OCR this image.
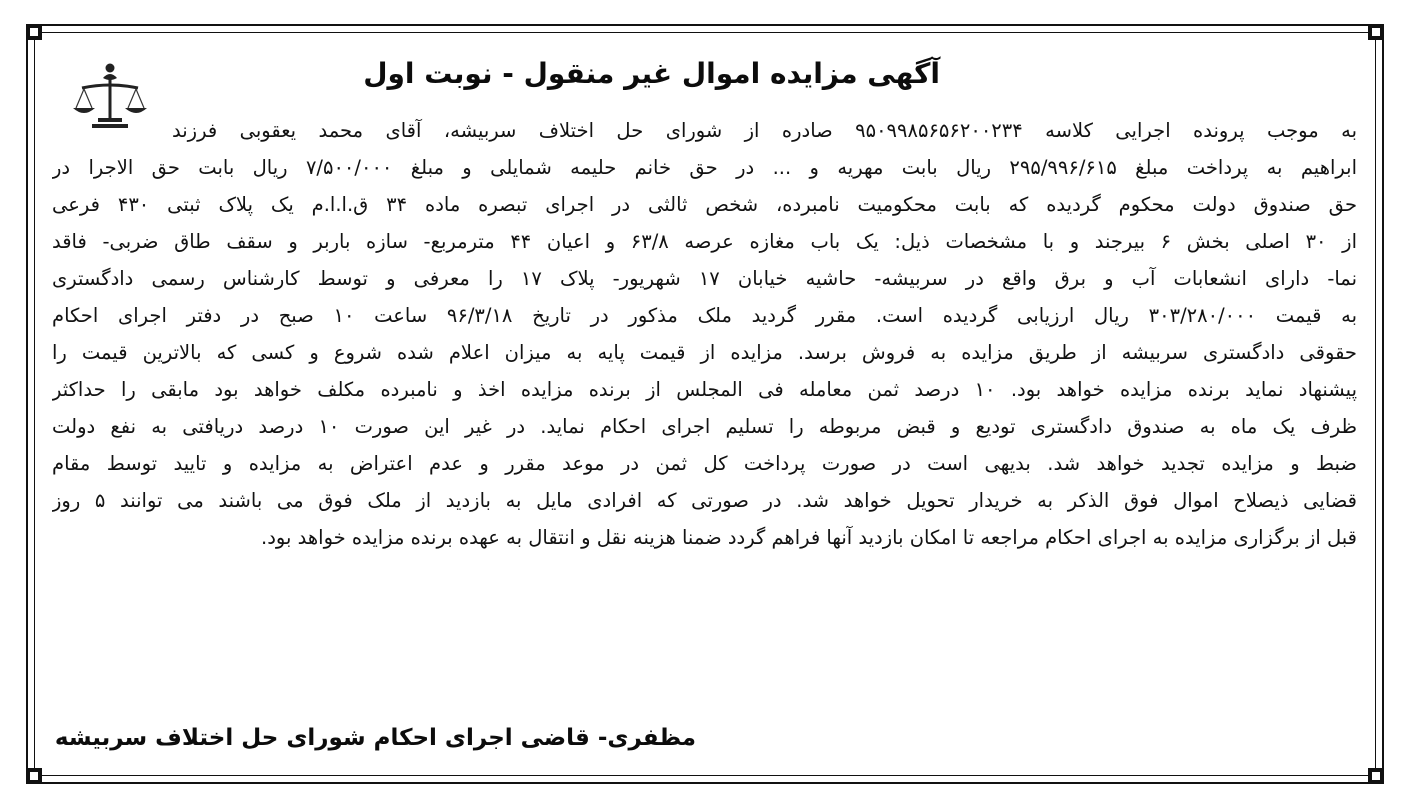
آگهی مزایده اموال غیر منقول - نوبت اول
به موجب پرونده اجرایی کلاسه ۹۵۰۹۹۸۵۶۵۶۲۰۰۲۳۴ صادره از شورای حل اختلاف سربیشه، آقای محمد یعقوبی فرزند
ابراهیم به پرداخت مبلغ ۲۹۵/۹۹۶/۶۱۵ ریال بابت مهریه و ... در حق خانم حلیمه شمایلی و مبلغ ۷/۵۰۰/۰۰۰ ریال بابت حق الاجرا در
حق صندوق دولت محکوم گردیده که بابت محکومیت نامبرده، شخص ثالثی در اجرای تبصره ماده ۳۴ ق.ا.ا.م یک پلاک ثبتی ۴۳۰ فرعی
از ۳۰ اصلی بخش ۶ بیرجند و با مشخصات ذیل: یک باب مغازه عرصه ۶۳/۸ و اعیان ۴۴ مترمربع- سازه باربر و سقف طاق ضربی- فاقد
نما- دارای انشعابات آب و برق واقع در سربیشه- حاشیه خیابان ۱۷ شهریور- پلاک ۱۷ را معرفی و توسط کارشناس رسمی دادگستری
به قیمت ۳۰۳/۲۸۰/۰۰۰ ریال ارزیابی گردیده است. مقرر گردید ملک مذکور در تاریخ ۹۶/۳/۱۸ ساعت ۱۰ صبح در دفتر اجرای احکام
حقوقی دادگستری سربیشه از طریق مزایده به فروش برسد. مزایده از قیمت پایه به میزان اعلام شده شروع و کسی که بالاترین قیمت را
پیشنهاد نماید برنده مزایده خواهد بود. ۱۰ درصد ثمن معامله فی المجلس از برنده مزایده اخذ و نامبرده مکلف خواهد بود مابقی را حداکثر
ظرف یک ماه به صندوق دادگستری تودیع و قبض مربوطه را تسلیم اجرای احکام نماید. در غیر این صورت ۱۰ درصد دریافتی به نفع دولت
ضبط و مزایده تجدید خواهد شد. بدیهی است در صورت پرداخت کل ثمن در موعد مقرر و عدم اعتراض به مزایده و تایید توسط مقام
قضایی ذیصلاح اموال فوق الذکر به خریدار تحویل خواهد شد. در صورتی که افرادی مایل به بازدید از ملک فوق می باشند می توانند ۵ روز
قبل از برگزاری مزایده به اجرای احکام مراجعه تا امکان بازدید آنها فراهم گردد ضمنا هزینه نقل و انتقال به عهده برنده مزایده خواهد بود.
مظفری- قاضی اجرای احکام شورای حل اختلاف سربیشه
